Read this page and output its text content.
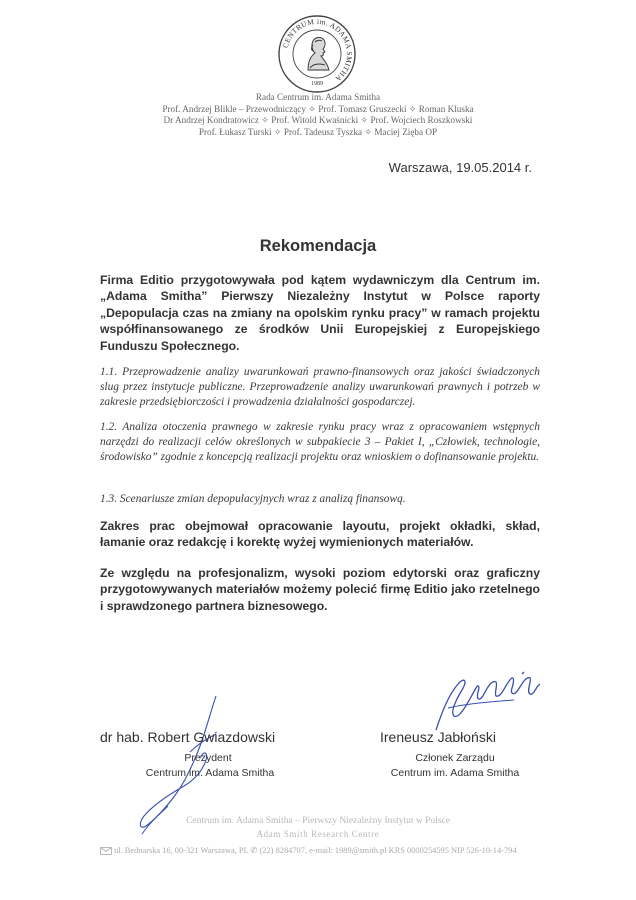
CENTRUM im. ADAMA SMITHA
1989
Rada Centrum im. Adama Smitha
Prof. Andrzej Blikle – Przewodniczący ✧ Prof. Tomasz Gruszecki ✧ Roman Kluska
Dr Andrzej Kondratowicz ✧ Prof. Witold Kwaśnicki ✧ Prof. Wojciech Roszkowski
Prof. Łukasz Turski ✧ Prof. Tadeusz Tyszka ✧ Maciej Zięba OP
Warszawa, 19.05.2014 r.
Rekomendacja
Firma Editio przygotowywała pod kątem wydawniczym dla Centrum im. „Adama Smitha” Pierwszy Niezależny Instytut w Polsce raporty „Depopulacja czas na zmiany na opolskim rynku pracy” w ramach projektu współfinansowanego ze środków Unii Europejskiej z Europejskiego Funduszu Społecznego.
1.1. Przeprowadzenie analizy uwarunkowań prawno-finansowych oraz jakości świadczonych slug przez instytucje publiczne. Przeprowadzenie analizy uwarunkowań prawnych i potrzeb w zakresie przedsiębiorczości i prowadzenia działalności gospodarczej.
1.2. Analiza otoczenia prawnego w zakresie rynku pracy wraz z opracowaniem wstępnych narzędzi do realizacji celów określonych w subpakiecie 3 – Pakiet I, „Człowiek, technologie, środowisko” zgodnie z koncepcją realizacji projektu oraz wnioskiem o dofinansowanie projektu.
1.3. Scenariusze zmian depopulacyjnych wraz z analizą finansową.
Zakres prac obejmował opracowanie layoutu, projekt okładki, skład, łamanie oraz redakcję i korektę wyżej wymienionych materiałów.
Ze względu na profesjonalizm, wysoki poziom edytorski oraz graficzny przygotowywanych materiałów możemy polecić firmę Editio jako rzetelnego i sprawdzonego partnera biznesowego.
dr hab. Robert Gwiazdowski
Prezydent
Centrum im. Adama Smitha
Ireneusz Jabłoński
Członek Zarządu
Centrum im. Adama Smitha
Centrum im. Adama Smitha – Pierwszy Niezależny Instytut w Polsce
Adam Smith Research Centre
ul. Bednarska 16, 00-321 Warszawa, PL ✆ (22) 8284707, e-mail: 1989@smith.pl KRS 0000254595 NIP 526-10-14-794
